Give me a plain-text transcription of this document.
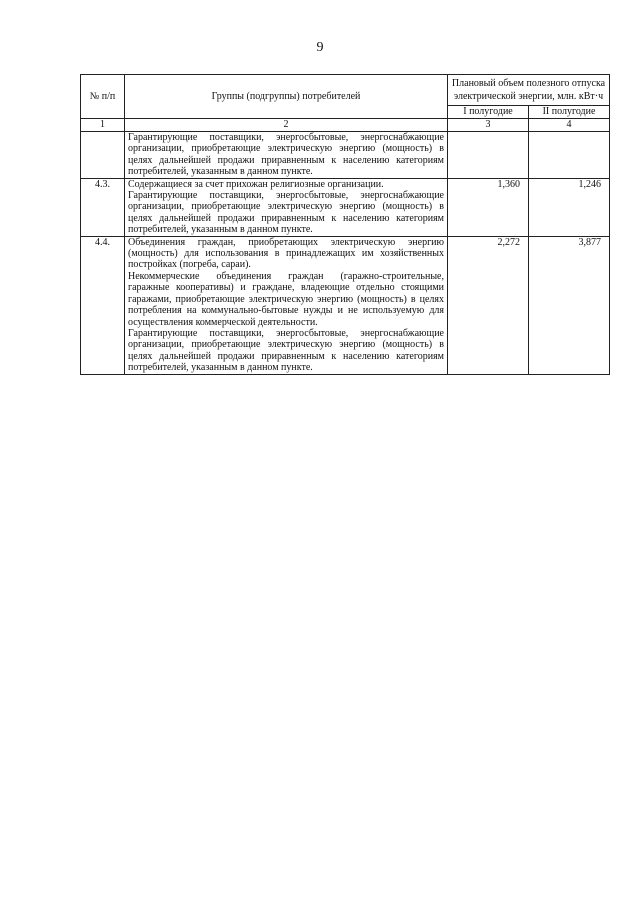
9
№ п/п	Группы (подгруппы) потребителей	Плановый объем полезного отпуска электрической энергии, млн. кВт·ч	
		I полугодие	II полугодие
1	2	3	4

	Гарантирующие поставщики, энергосбытовые, энергоснабжающие организации, приобретающие электрическую энергию (мощность) в целях дальнейшей продажи приравненным к населению категориям потребителей, указанным в данном пункте.		

4.3.	Содержащиеся за счет прихожан религиозные организации.
Гарантирующие поставщики, энергосбытовые, энергоснабжающие организации, приобретающие электрическую энергию (мощность) в целях дальнейшей продажи приравненным к населению категориям потребителей, указанным в данном пункте.	1,360	1,246
4.4.	Объединения граждан, приобретающих электрическую энергию (мощность) для использования в принадлежащих им хозяйственных постройках (погреба, сараи).
Некоммерческие объединения граждан (гаражно-строительные, гаражные кооперативы) и граждане, владеющие отдельно стоящими гаражами, приобретающие электрическую энергию (мощность) в целях потребления на коммунально-бытовые нужды и не используемую для осуществления коммерческой деятельности.
Гарантирующие поставщики, энергосбытовые, энергоснабжающие организации, приобретающие электрическую энергию (мощность) в целях дальнейшей продажи приравненным к населению категориям потребителей, указанным в данном пункте.	2,272	3,877
